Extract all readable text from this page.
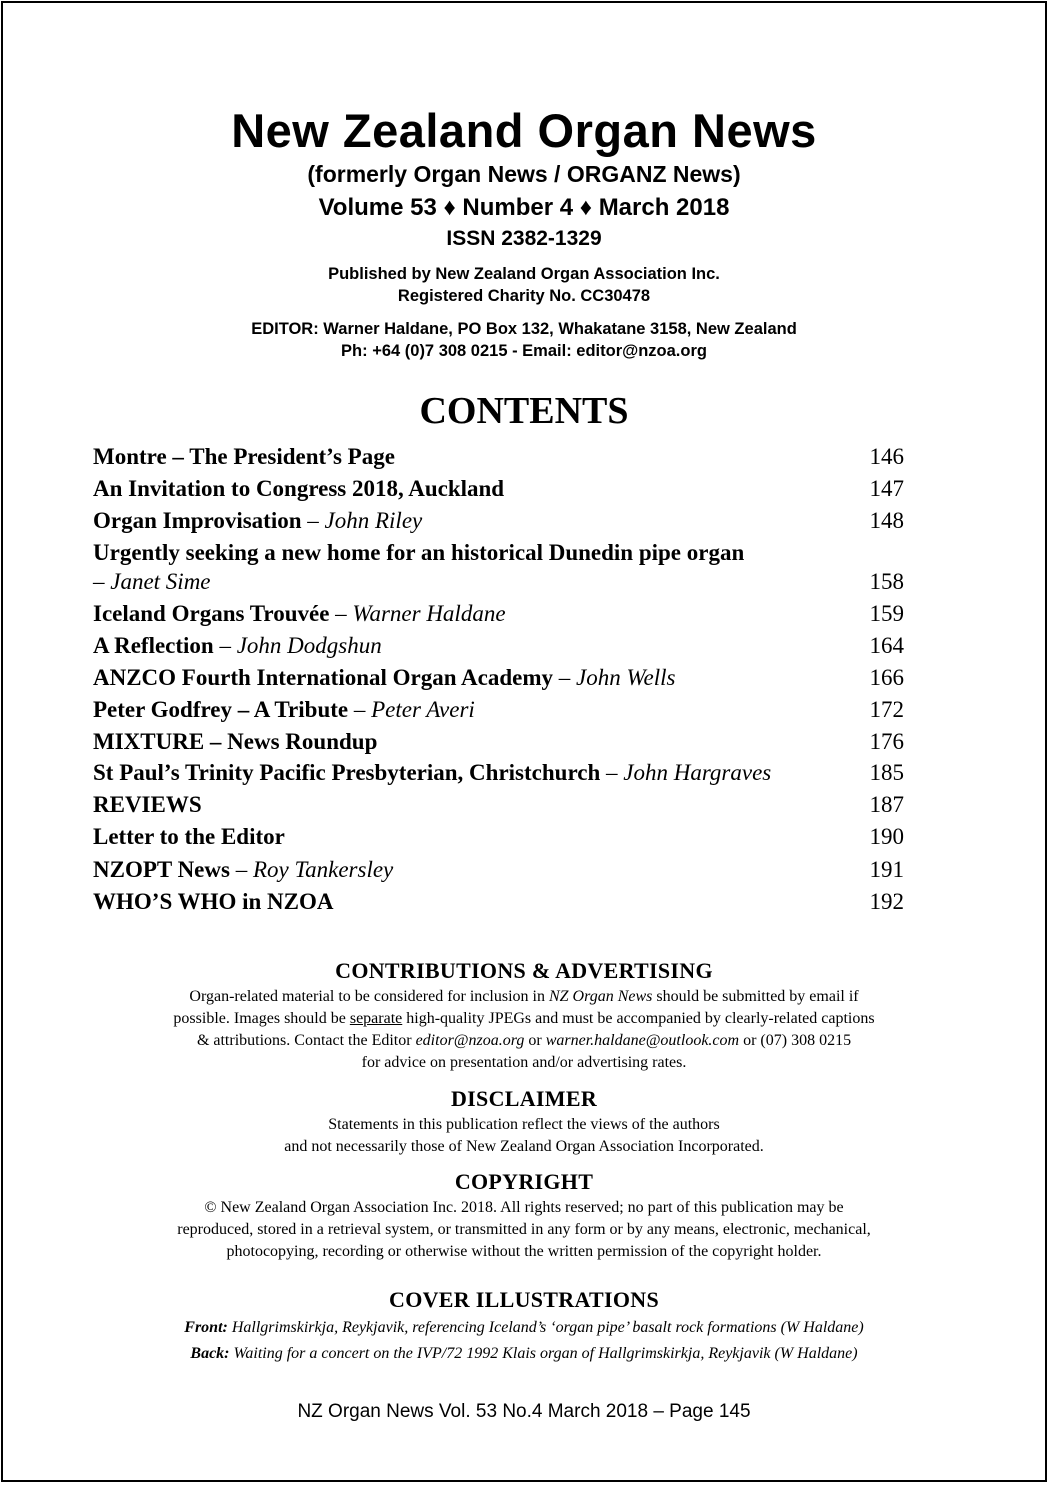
New Zealand Organ News
(formerly Organ News / ORGANZ News)
Volume 53 ♦ Number 4 ♦ March 2018
ISSN 2382-1329
Published by New Zealand Organ Association Inc.
Registered Charity No. CC30478
EDITOR: Warner Haldane, PO Box 132, Whakatane 3158, New Zealand
Ph: +64 (0)7 308 0215 - Email: editor@nzoa.org
CONTENTS
Montre – The President’s Page	146
An Invitation to Congress 2018, Auckland	147
Organ Improvisation – John Riley	148
Urgently seeking a new home for an historical Dunedin pipe organ
– Janet Sime	158
Iceland Organs Trouvée – Warner Haldane	159
A Reflection – John Dodgshun	164
ANZCO Fourth International Organ Academy – John Wells	166
Peter Godfrey – A Tribute – Peter Averi	172
MIXTURE – News Roundup	176
St Paul’s Trinity Pacific Presbyterian, Christchurch – John Hargraves	185
REVIEWS	187
Letter to the Editor	190
NZOPT News – Roy Tankersley	191
WHO’S WHO in NZOA	192
CONTRIBUTIONS & ADVERTISING
Organ-related material to be considered for inclusion in NZ Organ News should be submitted by email if
possible. Images should be separate high-quality JPEGs and must be accompanied by clearly-related captions
& attributions. Contact the Editor editor@nzoa.org or warner.haldane@outlook.com or (07) 308 0215
for advice on presentation and/or advertising rates.
DISCLAIMER
Statements in this publication reflect the views of the authors
and not necessarily those of New Zealand Organ Association Incorporated.
COPYRIGHT
© New Zealand Organ Association Inc. 2018. All rights reserved; no part of this publication may be
reproduced, stored in a retrieval system, or transmitted in any form or by any means, electronic, mechanical,
photocopying, recording or otherwise without the written permission of the copyright holder.
COVER ILLUSTRATIONS
Front: Hallgrimskirkja, Reykjavik, referencing Iceland’s ‘organ pipe’ basalt rock formations (W Haldane)
Back: Waiting for a concert on the IVP/72 1992 Klais organ of Hallgrimskirkja, Reykjavik (W Haldane)
NZ Organ News Vol. 53 No.4 March 2018 – Page 145
